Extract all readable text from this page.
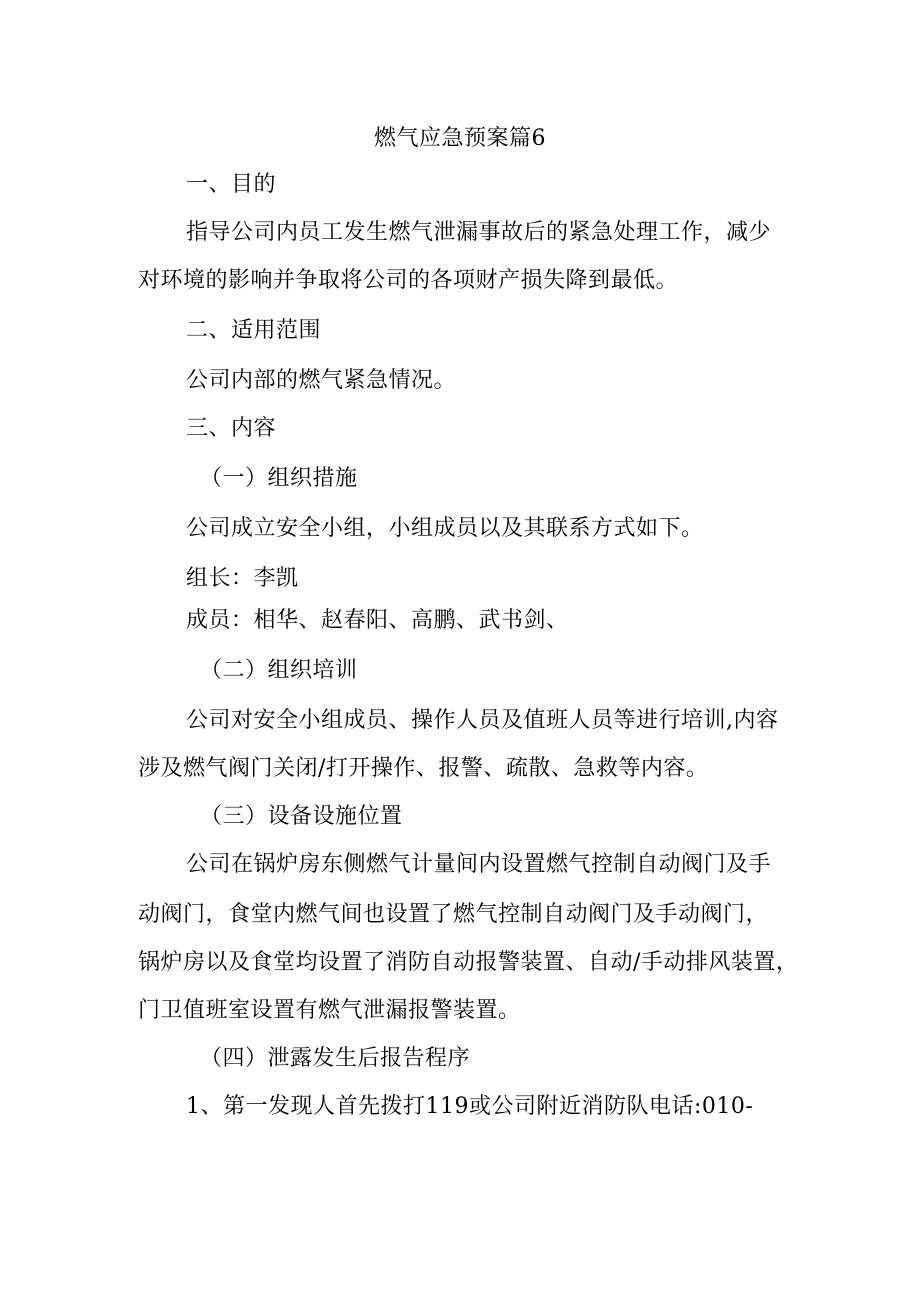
燃气应急预案篇6
一、目的
指导公司内员工发生燃气泄漏事故后的紧急处理工作，减少
对环境的影响并争取将公司的各项财产损失降到最低。
二、适用范围
公司内部的燃气紧急情况。
三、内容
（一）组织措施
公司成立安全小组，小组成员以及其联系方式如下。
组长：李凯
成员：相华、赵春阳、高鹏、武书剑、
（二）组织培训
公司对安全小组成员、操作人员及值班人员等进行培训,内容
涉及燃气阀门关闭/打开操作、报警、疏散、急救等内容。
（三）设备设施位置
公司在锅炉房东侧燃气计量间内设置燃气控制自动阀门及手
动阀门，食堂内燃气间也设置了燃气控制自动阀门及手动阀门，
锅炉房以及食堂均设置了消防自动报警装置、自动/手动排风装置，
门卫值班室设置有燃气泄漏报警装置。
（四）泄露发生后报告程序
1、第一发现人首先拨打119或公司附近消防队电话:010-
